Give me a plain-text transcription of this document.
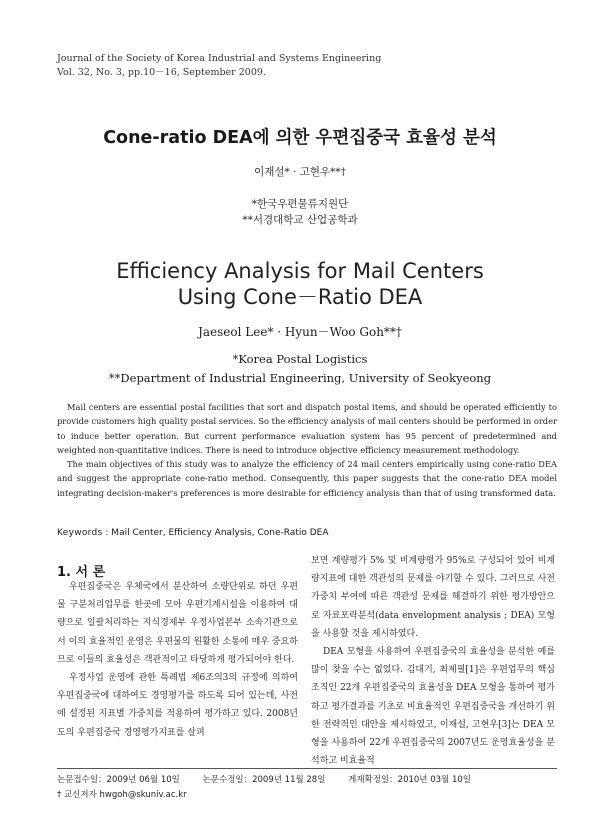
Journal of the Society of Korea Industrial and Systems Engineering
Vol. 32, No. 3, pp.10－16, September 2009.
Cone-ratio DEA에 의한 우편집중국 효율성 분석
이재설* · 고현우**†
*한국우편물류지원단
**서경대학교 산업공학과
Efficiency Analysis for Mail Centers
Using Cone－Ratio DEA
Jaeseol Lee* · Hyun－Woo Goh**†
*Korea Postal Logistics
**Department of Industrial Engineering, University of Seokyeong

Mail centers are essential postal facilities that sort and dispatch postal items, and should be operated efficiently to provide customers high quality postal services. So the efficiency analysis of mail centers should be performed in order to induce better operation. But current performance evaluation system has 95 percent of predetermined and weighted non-quantitative indices. There is need to introduce objective efficiency measurement methodology.

The main objectives of this study was to analyze the efficiency of 24 mail centers empirically using cone-ratio DEA and suggest the appropriate cone-ratio method. Consequently, this paper suggests that the cone-ratio DEA model integrating decision-maker's preferences is more desirable for efficiency analysis than that of using transformed data.

Keywords : Mail Center, Efficiency Analysis, Cone-Ratio DEA
1. 서 론

우편집중국은 우체국에서 분산하여 소량단위로 하던 우편물 구분처리업무를 한곳에 모아 우편기계시설을 이용하여 대량으로 일괄처리하는 지식경제부 우정사업본부 소속기관으로서 이의 효율적인 운영은 우편물의 원활한 소통에 매우 중요하므로 이들의 효율성은 객관적이고 타당하게 평가되어야 한다.

우정사업 운영에 관한 특례법 제6조의3의 규정에 의하여 우편집중국에 대하여도 경영평가를 하도록 되어 있는데, 사전에 설정된 지표별 가중치를 적용하여 평가하고 있다. 2008년도의 우편집중국 경영평가지표를 살펴

보면 계량평가 5% 및 비계량평가 95%로 구성되어 있어 비계량지표에 대한 객관성의 문제를 야기할 수 있다. 그러므로 사전 가중치 부여에 따른 객관성 문제를 해결하기 위한 평가방안으로 자료포락분석(data envelopment analysis ; DEA) 모형을 사용할 것을 제시하였다.

DEA 모형을 사용하여 우편집중국의 효율성을 분석한 예를 많이 찾을 수는 없었다. 김대기, 최제필[1]은 우편업무의 핵심조직인 22개 우편집중국의 효율성을 DEA 모형을 통하여 평가하고 평가결과를 기초로 비효율적인 우편집중국을 개선하기 위한 전략적인 대안을 제시하였고, 이재설, 고현우[3]는 DEA 모형을 사용하여 22개 우편집중국의 2007년도 운영효율성을 분석하고 비효율적

논문접수일：2009년 06월 10일	논문수정일：2009년 11월 28일	게재확정일：2010년 03월 10일
† 교신저자 hwgoh@skuniv.ac.kr
